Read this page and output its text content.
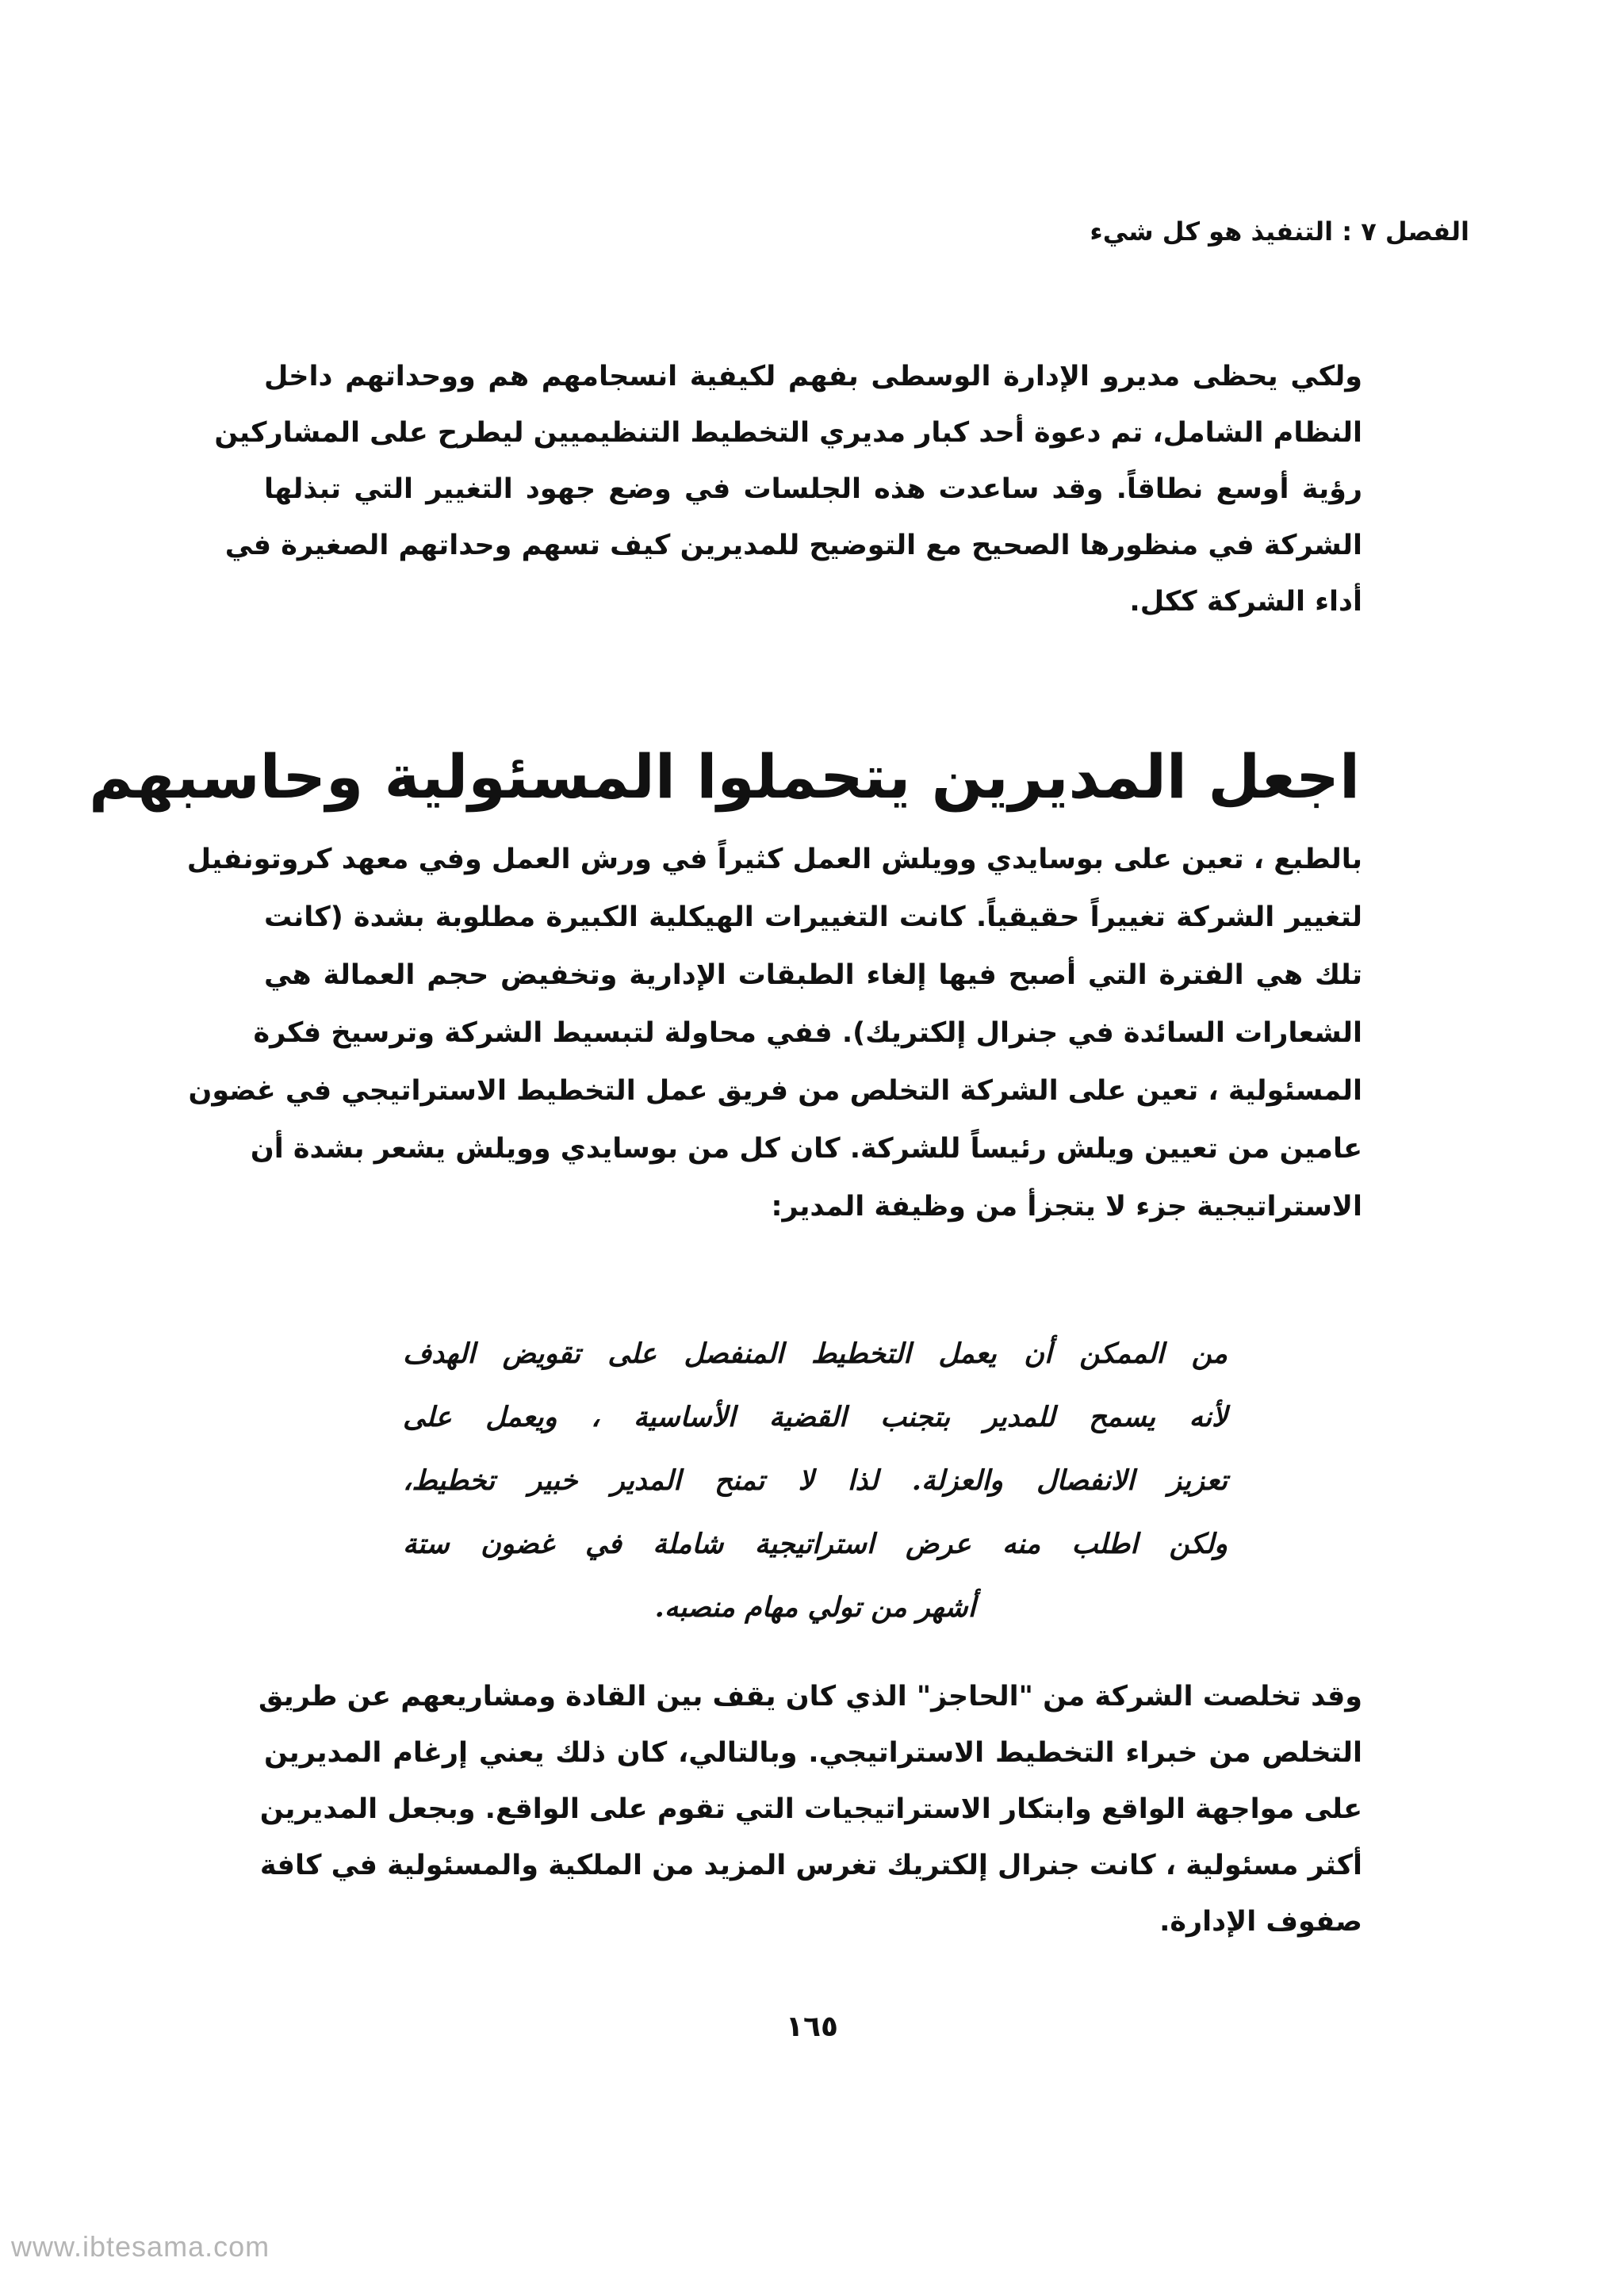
الفصل ٧ : التنفيذ هو كل شيء
ولكي يحظى مديرو الإدارة الوسطى بفهم لكيفية انسجامهم هم ووحداتهم داخل
النظام الشامل، تم دعوة أحد كبار مديري التخطيط التنظيميين ليطرح على المشاركين
رؤية أوسع نطاقاً. وقد ساعدت هذه الجلسات في وضع جهود التغيير التي تبذلها
الشركة في منظورها الصحيح مع التوضيح للمديرين كيف تسهم وحداتهم الصغيرة في
أداء الشركة ككل.
اجعل المديرين يتحملوا المسئولية وحاسبهم
بالطبع ، تعين على بوسايدي وويلش العمل كثيراً في ورش العمل وفي معهد كروتونفيل
لتغيير الشركة تغييراً حقيقياً. كانت التغييرات الهيكلية الكبيرة مطلوبة بشدة (كانت
تلك هي الفترة التي أصبح فيها إلغاء الطبقات الإدارية وتخفيض حجم العمالة هي
الشعارات السائدة في جنرال إلكتريك). ففي محاولة لتبسيط الشركة وترسيخ فكرة
المسئولية ، تعين على الشركة التخلص من فريق عمل التخطيط الاستراتيجي في غضون
عامين من تعيين ويلش رئيساً للشركة. كان كل من بوسايدي وويلش يشعر بشدة أن
الاستراتيجية جزء لا يتجزأ من وظيفة المدير:
من الممكن أن يعمل التخطيط المنفصل على تقويض الهدف
لأنه يسمح للمدير بتجنب القضية الأساسية ، ويعمل على
تعزيز الانفصال والعزلة. لذا لا تمنح المدير خبير تخطيط،
ولكن اطلب منه عرض استراتيجية شاملة في غضون ستة
أشهر من تولي مهام منصبه.
وقد تخلصت الشركة من "الحاجز" الذي كان يقف بين القادة ومشاريعهم عن طريق
التخلص من خبراء التخطيط الاستراتيجي. وبالتالي، كان ذلك يعني إرغام المديرين
على مواجهة الواقع وابتكار الاستراتيجيات التي تقوم على الواقع. وبجعل المديرين
أكثر مسئولية ، كانت جنرال إلكتريك تغرس المزيد من الملكية والمسئولية في كافة
صفوف الإدارة.
١٦٥
www.ibtesama.com
